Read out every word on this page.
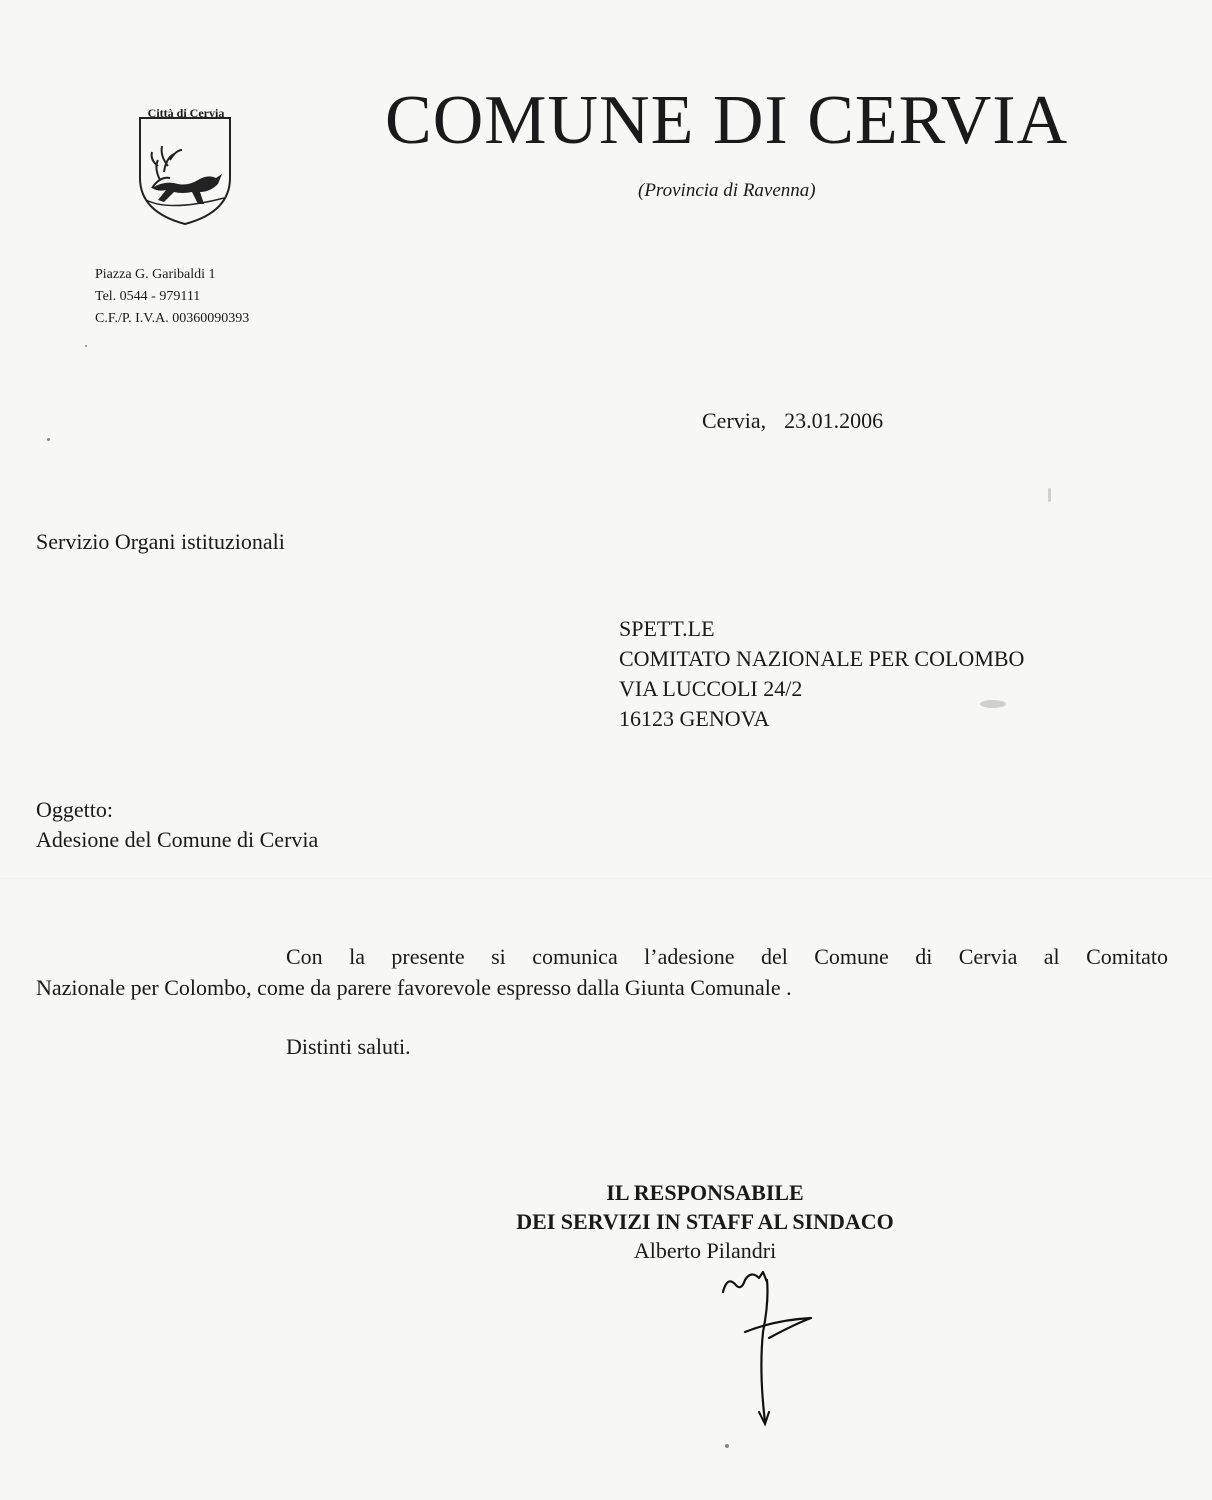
Città di Cervia COMUNE DI CERVIA
(Provincia di Ravenna)
Piazza G. Garibaldi 1
Tel. 0544 - 979111
C.F./P. I.V.A. 00360090393
Cervia, 23.01.2006
Servizio Organi istituzionali
SPETT.LE
COMITATO NAZIONALE PER COLOMBO
VIA LUCCOLI 24/2
16123 GENOVA
Oggetto:
Adesione del Comune di Cervia
Con la presente si comunica l’adesione del Comune di Cervia al Comitato
Nazionale per Colombo, come da parere favorevole espresso dalla Giunta Comunale .
Distinti saluti.
IL RESPONSABILE
DEI SERVIZI IN STAFF AL SINDACO
Alberto Pilandri
